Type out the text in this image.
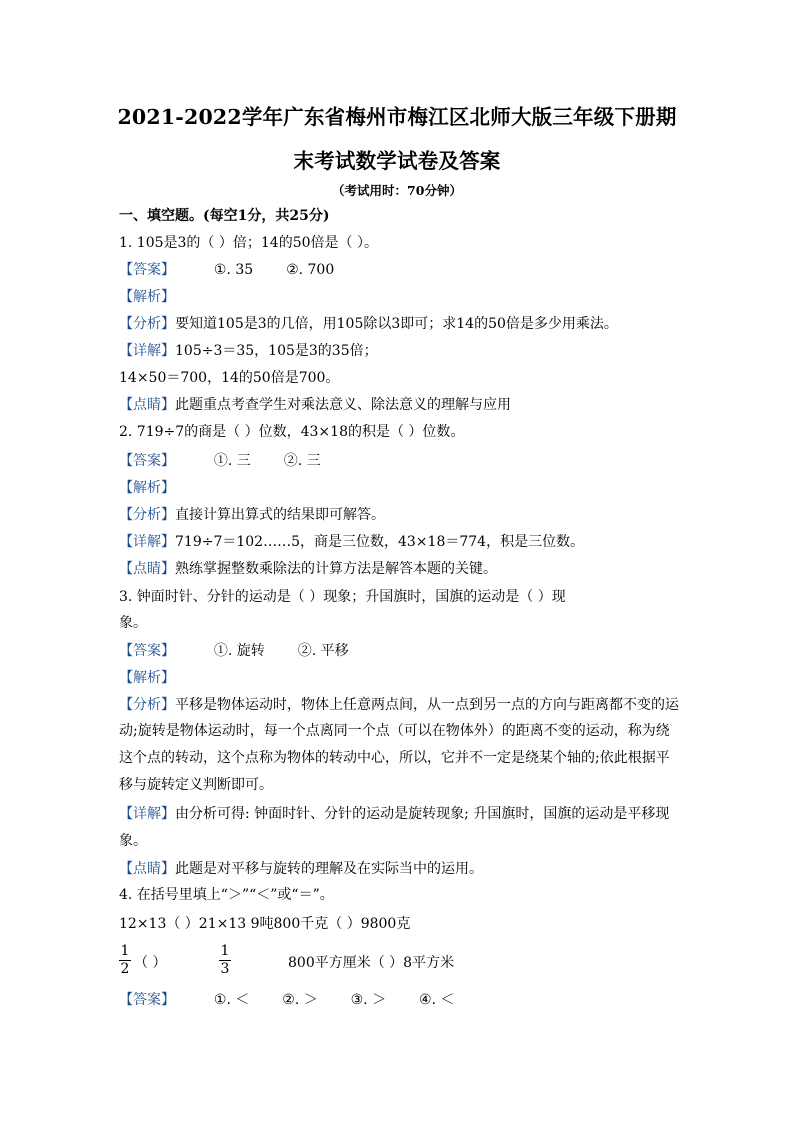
2021-2022学年广东省梅州市梅江区北师大版三年级下册期
末考试数学试卷及答案
（考试用时：70分钟）
一、填空题。(每空1分，共25分)
1. 105是3的（ ）倍；14的50倍是（ ）。
【答案】	①. 35 ②. 700
【解析】
【分析】要知道105是3的几倍，用105除以3即可；求14的50倍是多少用乘法。
【详解】105÷3＝35，105是3的35倍；
14×50＝700，14的50倍是700。
【点睛】此题重点考查学生对乘法意义、除法意义的理解与应用
2. 719÷7的商是（ ）位数，43×18的积是（ ）位数。
【答案】	①. 三 ②. 三
【解析】
【分析】直接计算出算式的结果即可解答。
【详解】719÷7＝102……5，商是三位数，43×18＝774，积是三位数。
【点睛】熟练掌握整数乘除法的计算方法是解答本题的关键。
3. 钟面时针、分针的运动是（ ）现象；升国旗时，国旗的运动是（ ）现
象。
【答案】	①. 旋转 ②. 平移
【解析】
【分析】平移是物体运动时，物体上任意两点间，从一点到另一点的方向与距离都不变的运
动;旋转是物体运动时，每一个点离同一个点（可以在物体外）的距离不变的运动，称为绕
这个点的转动，这个点称为物体的转动中心，所以，它并不一定是绕某个轴的;依此根据平
移与旋转定义判断即可。
【详解】由分析可得: 钟面时针、分针的运动是旋转现象; 升国旗时，国旗的运动是平移现
象。
【点睛】此题是对平移与旋转的理解及在实际当中的运用。
4. 在括号里填上“＞”“＜”或“＝”。
12×13（ ）21×13 9吨800千克（ ）9800克
1
2 （ ）
1
3	800平方厘米（ ）8平方米
【答案】	①. ＜ ②. ＞ ③. ＞ ④. ＜
